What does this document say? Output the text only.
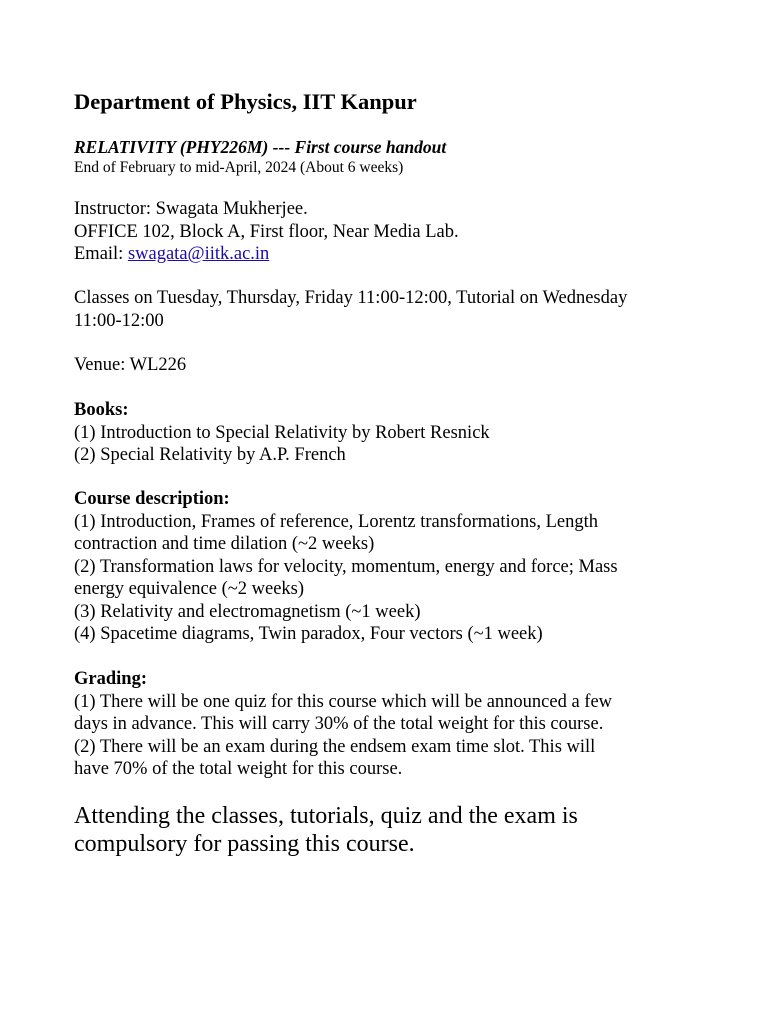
Department of Physics, IIT Kanpur
RELATIVITY (PHY226M) --- First course handout
End of February to mid-April, 2024 (About 6 weeks)
Instructor: Swagata Mukherjee.
OFFICE 102, Block A, First floor, Near Media Lab.
Email: swagata@iitk.ac.in
Classes on Tuesday, Thursday, Friday 11:00-12:00, Tutorial on Wednesday
11:00-12:00
Venue: WL226
Books:
(1) Introduction to Special Relativity by Robert Resnick
(2) Special Relativity by A.P. French
Course description:
(1) Introduction, Frames of reference, Lorentz transformations, Length
contraction and time dilation (~2 weeks)
(2) Transformation laws for velocity, momentum, energy and force; Mass
energy equivalence (~2 weeks)
(3) Relativity and electromagnetism (~1 week)
(4) Spacetime diagrams, Twin paradox, Four vectors (~1 week)
Grading:
(1) There will be one quiz for this course which will be announced a few
days in advance. This will carry 30% of the total weight for this course.
(2) There will be an exam during the endsem exam time slot. This will
have 70% of the total weight for this course.
Attending the classes, tutorials, quiz and the exam is
compulsory for passing this course.
